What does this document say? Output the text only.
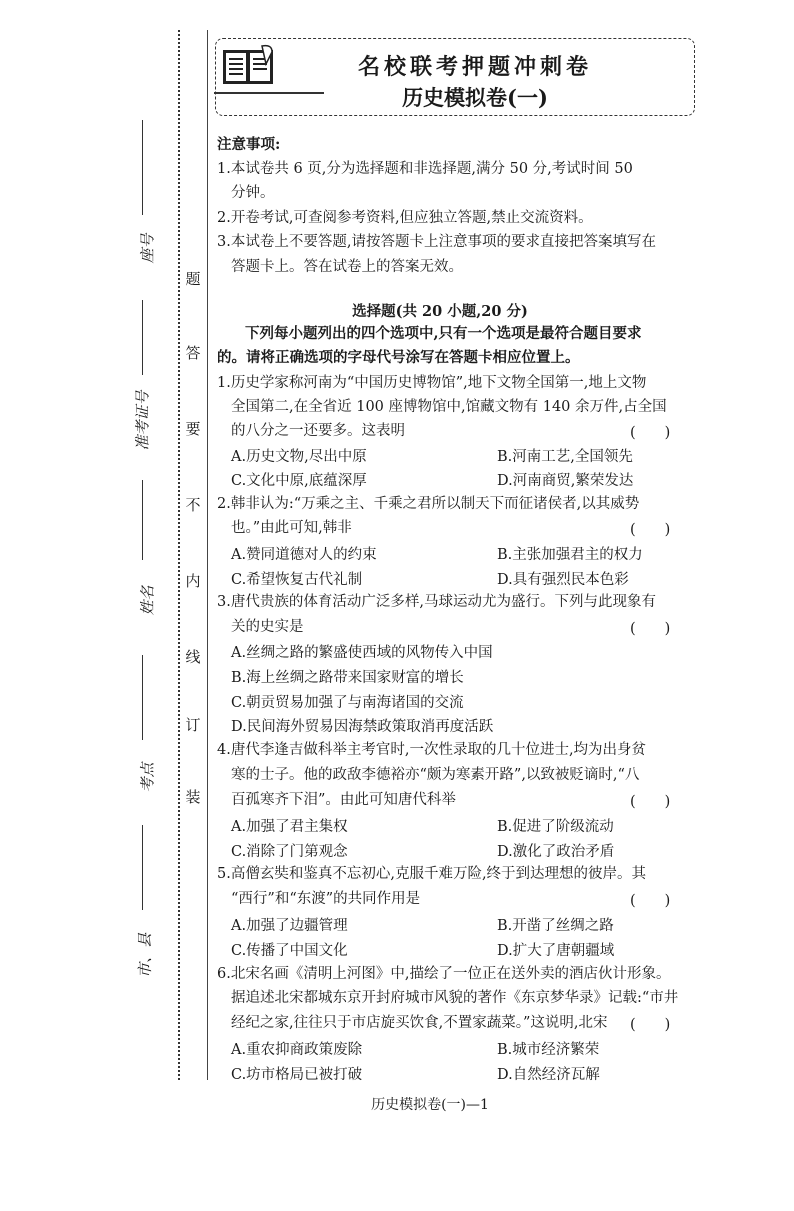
座号
准考证号
姓名
考点
市、县
题
答
要
不
内
线
订
装
名校联考押题冲刺卷
历史模拟卷(一)
注意事项:
1.本试卷共 6 页,分为选择题和非选择题,满分 50 分,考试时间 50
分钟。
2.开卷考试,可查阅参考资料,但应独立答题,禁止交流资料。
3.本试卷上不要答题,请按答题卡上注意事项的要求直接把答案填写在
答题卡上。答在试卷上的答案无效。
选择题(共 20 小题,20 分)
下列每小题列出的四个选项中,只有一个选项是最符合题目要求
的。请将正确选项的字母代号涂写在答题卡相应位置上。
1.历史学家称河南为“中国历史博物馆”,地下文物全国第一,地上文物
全国第二,在全省近 100 座博物馆中,馆藏文物有 140 余万件,占全国
的八分之一还要多。这表明	(　　)
A.历史文物,尽出中原	B.河南工艺,全国领先
C.文化中原,底蕴深厚	D.河南商贸,繁荣发达
2.韩非认为:“万乘之主、千乘之君所以制天下而征诸侯者,以其威势
也。”由此可知,韩非	(　　)
A.赞同道德对人的约束	B.主张加强君主的权力
C.希望恢复古代礼制	D.具有强烈民本色彩
3.唐代贵族的体育活动广泛多样,马球运动尤为盛行。下列与此现象有
关的史实是	(　　)
A.丝绸之路的繁盛使西域的风物传入中国
B.海上丝绸之路带来国家财富的增长
C.朝贡贸易加强了与南海诸国的交流
D.民间海外贸易因海禁政策取消再度活跃
4.唐代李逢吉做科举主考官时,一次性录取的几十位进士,均为出身贫
寒的士子。他的政敌李德裕亦“颇为寒素开路”,以致被贬谪时,“八
百孤寒齐下泪”。由此可知唐代科举	(　　)
A.加强了君主集权	B.促进了阶级流动
C.消除了门第观念	D.激化了政治矛盾
5.高僧玄奘和鉴真不忘初心,克服千难万险,终于到达理想的彼岸。其
“西行”和“东渡”的共同作用是	(　　)
A.加强了边疆管理	B.开凿了丝绸之路
C.传播了中国文化	D.扩大了唐朝疆域
6.北宋名画《清明上河图》中,描绘了一位正在送外卖的酒店伙计形象。
据追述北宋都城东京开封府城市风貌的著作《东京梦华录》记载:“市井
经纪之家,往往只于市店旋买饮食,不置家蔬菜。”这说明,北宋 (　　)
A.重农抑商政策废除	B.城市经济繁荣
C.坊市格局已被打破	D.自然经济瓦解
历史模拟卷(一)—1
